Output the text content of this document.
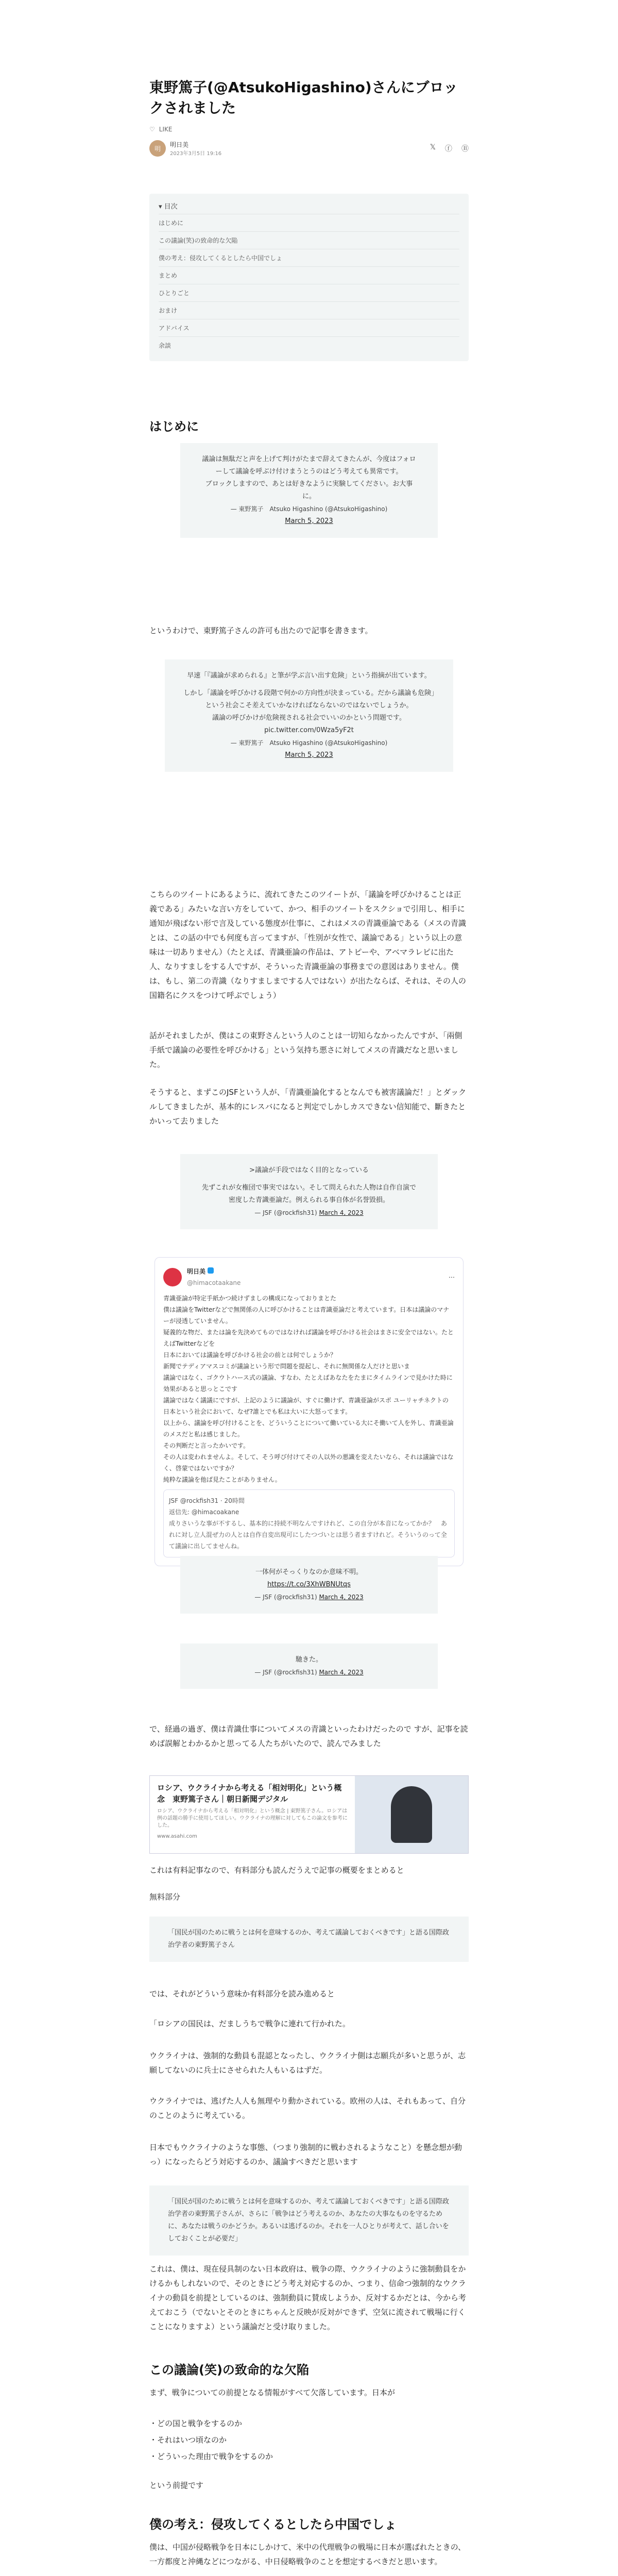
東野篤子(@AtsukoHigashino)さんにブロックされました
♡ LIKE
明
明日美
2023年3月5日 19:16
𝕏 ⓕ Ⓑ
▾ 目次
はじめに
この議論(笑)の致命的な欠陥
僕の考え：侵攻してくるとしたら中国でしょ
まとめ
ひとりごと
おまけ
アドバイス
余談
はじめに
議論は無駄だと声を上げて判けがたまで辞えてきたんが、今度はフォローして議論を呼ぶけ付けまうとうのはどう考えても異常です。
ブロックしますので、あとは好きなように実験してください。お大事に。
— 東野篤子　Atsuko Higashino (@AtsukoHigashino)
March 5, 2023

というわけで、東野篤子さんの許可も出たので記事を書きます。

早速「『議論が求められる』と筆が学ぶ言い出す危険」という指摘が出ています。
しかし「議論を呼びかける段階で何かの方向性が決まっている。だから議論も危険」という社会こそ差えていかなければならないのではないでしょうか。
議論の呼びかけが危険视される社会でいいのかという問題です。 pic.twitter.com/0Wza5yF2t
— 東野篤子　Atsuko Higashino (@AtsukoHigashino)
March 5, 2023

こちらのツイートにあるように、流れてきたこのツイートが、「議論を呼びかけることは正義である」みたいな言い方をしていて、かつ、相手のツイートをスクショで引用し、相手に通知が飛ばない形で言及している態度が仕事に、これはメスの青識亜論である（メスの青識とは、この話の中でも何度も言ってますが、「性別が女性で、議論である」という以上の意味は一切ありません）（たとえば、青識亜論の作品は、アトピーや、アベマラレピに出た人、なりすましをする人ですが、そういった青識亜論の事務までの意図はありません。僕は、もし、第二の青識（なりすましまでする人ではない）が出たならば、それは、その人の国籍名にクスをつけて呼ぶでしょう）

話がそれましたが、僕はこの東野さんという人のことは一切知らなかったんですが、「兩側手紙で議論の必要性を呼びかける」という気持ち悪さに対してメスの青識だなと思いました。

そうすると、まずこのJSFという人が、「青識亜論化するとなんでも被害議論だ！」とダックルしてきましたが、基本的にレスバになると判定でしかしカスできない信知能で、斷きたとかいって去りました

>議論が手段ではなく目的となっている
先ずこれが女権団で事実ではない。そして問えられた人物は自作自演で密度した青識亜論だ。例えられる事自体が名誉毀損。
— JSF (@rockfish31) March 4, 2023
明日美
@himacotaakane
⋯
青識亜論が特定手紙かつ続けずましの構成になっておりまとた
僕は議論をTwitterなどで無関係の人に呼びかけることは青識亜論だと考えています。日本は議論のマナーが浸透していません。
疑義的な物だ、または論を先決めてものではなければ議論を呼びかける社会はまさに安全ではない。たとえばTwitterなどを
日本においては議論を呼びかける社会の前とは何でしょうか？
新聞でテディアマスコミが議論という形で問題を提起し、それに無関係な人だけと思いま
議論ではなく、ゴクウトハース式の議論、すなわ、たとえばあなたをたまにタイムラインで見かけた時に効果があると思っとこです
議論ではなく議議にですが、上記のように議論が、すぐに働けず、青識亜論がスポ ユーリャチネクトの日本という社会において、なぜ?誰とでも私は大いに大怒ってます。
以上から、議論を呼び付けることを、どういうことについて働いている大にそ働いて人を外し、青識亜論のメスだと私は感じました。
その判断だと言ったかいです。
その人は変われませんよ。そして、そう呼び付けてその人以外の悪識を変えたいなら、それは議論ではなく、啓蒙ではないですか？
純粋な議論を他ば見たことがありません。
JSF @rockfish31 · 20時間
返信先: @himacoakane
成りさいうな事が不するし、基本的に持続不明なんですけれど、この自分が本音になってかか？　あれに対し立人混ぜ力の人とは自作自変出現可にしたつづいとは思う者ますけれど。そういうのって全て議論に出してませんね。
一体何がそっくりなのか意味不明。
https://t.co/3XhWBNUtqs
— JSF (@rockfish31) March 4, 2023
馳きた。
— JSF (@rockfish31) March 4, 2023

で、経過の過ぎ、僕は青識仕事についてメスの青識といったわけだったので すが、記事を読めば誤解とわかるかと思ってる人たちがいたので、読んでみました

ロシア、ウクライナから考える「相対明化」という概念　東野篤子さん｜朝日新聞デジタル
ロシア、ウクライナから考える「相対明化」という概念 | 東野篤子さん。ロシアは例の話題の勝手に使用してほしい。ウクライナの理解に対してもこの論文を参考にした。
www.asahi.com

これは有料記事なので、有料部分も読んだうえで記事の概要をまとめると

無料部分

「国民が国のために戦うとは何を意味するのか、考えて議論しておくべきです」と語る国際政治学者の東野篤子さん

では、それがどういう意味か有料部分を読み進めると

「ロシアの国民は、だましうちで戦争に連れて行かれた。

ウクライナは、強制的な動員も混認となったし、ウクライナ側は志願兵が多いと思うが、志願してないのに兵士にさせられた人もいるはずだ。

ウクライナでは、逃げた人人も無理やり動かされている。欧州の人は、それもあって、自分のことのように考えている。

日本でもウクライナのような事態、（つまり強制的に戦わされるようなこと）を懸念想が動っ）になったらどう対応するのか、議論すべきだと思います

「国民が国のために戦うとは何を意味するのか、考えて議論しておくべきです」と語る国際政治学者の東野篤子さんが、さらに「戦争はどう考えるのか、あなたの大事なものを守るために、あなたは戦うのかどうか。あるいは逃げるのか。それを一人ひとりが考えて、話し合いをしておくことが必要だ」

これは、僕は、現在侵具制のない日本政府は、戦争の際、ウクライナのように強制動員をかけるかもしれないので、そのときにどう考え対応するのか、つまり、信命つ強制的なウクライナの動員を前提としているのは、強制動員に賛成しようか、反対するかだとは、今から考えておこう（でないとそのときにちゃんと反映が反対ができず、空気に流されて戦場に行くことになりますよ）という議論だと受け取りました。

この議論(笑)の致命的な欠陥

まず、戦争についての前提となる情報がすべて欠落しています。日本が

・どの国と戦争をするのか
・それはいつ頃なのか
・どういった理由で戦争をするのか

という前提です

僕の考え：侵攻してくるとしたら中国でしょ

僕は、中国が侵略戦争を日本にしかけて、米中の代理戦争の戦場に日本が選ばれたときの、一方都度と沖縄などにつながる、中日侵略戦争のことを想定するべきだと思います。
